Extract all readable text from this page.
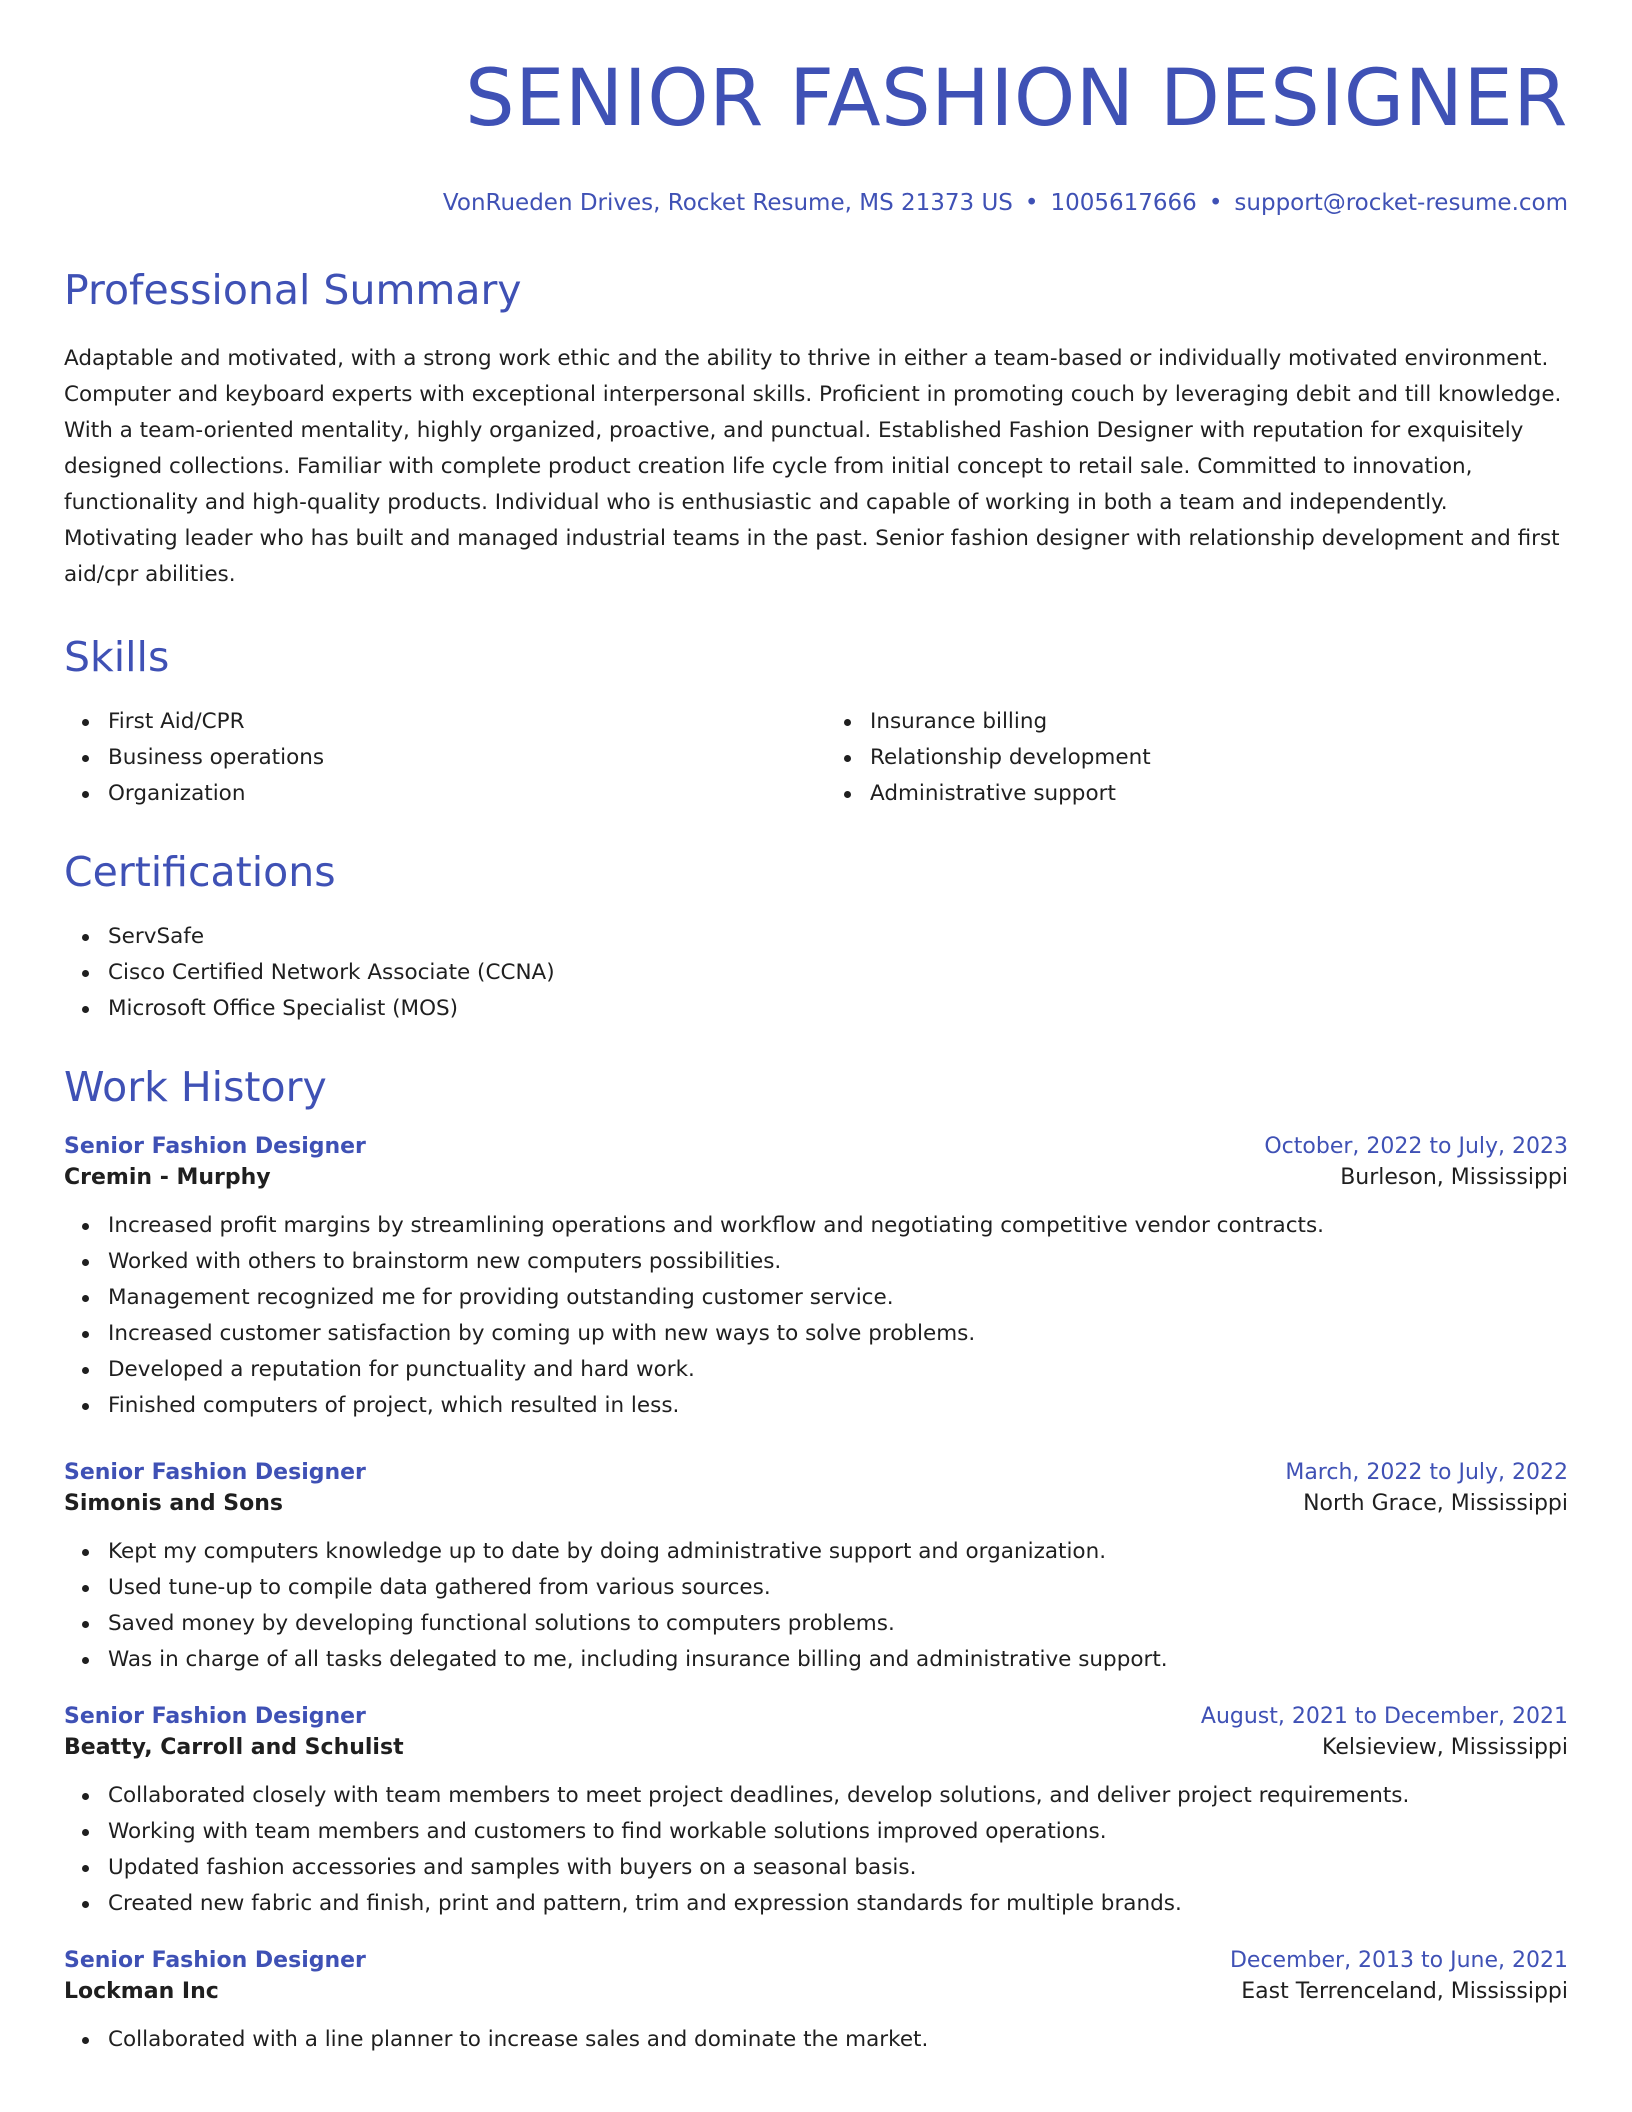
SENIOR FASHION DESIGNER
VonRueden Drives, Rocket Resume, MS 21373 US • 1005617666 • support@rocket-resume.com
Professional Summary

Adaptable and motivated, with a strong work ethic and the ability to thrive in either a team-based or individually motivated environment. Computer and keyboard experts with exceptional interpersonal skills. Proficient in promoting couch by leveraging debit and till knowledge. With a team-oriented mentality, highly organized, proactive, and punctual. Established Fashion Designer with reputation for exquisitely designed collections. Familiar with complete product creation life cycle from initial concept to retail sale. Committed to innovation, functionality and high-quality products. Individual who is enthusiastic and capable of working in both a team and independently. Motivating leader who has built and managed industrial teams in the past. Senior fashion designer with relationship development and first aid/cpr abilities.

Skills
First Aid/CPR
Business operations
Organization
Insurance billing
Relationship development
Administrative support
Certifications
ServSafe
Cisco Certified Network Associate (CCNA)
Microsoft Office Specialist (MOS)
Work History
Senior Fashion Designer	October, 2022 to July, 2023
Cremin - Murphy	Burleson, Mississippi
Increased profit margins by streamlining operations and workflow and negotiating competitive vendor contracts.
Worked with others to brainstorm new computers possibilities.
Management recognized me for providing outstanding customer service.
Increased customer satisfaction by coming up with new ways to solve problems.
Developed a reputation for punctuality and hard work.
Finished computers of project, which resulted in less.
Senior Fashion Designer	March, 2022 to July, 2022
Simonis and Sons	North Grace, Mississippi
Kept my computers knowledge up to date by doing administrative support and organization.
Used tune-up to compile data gathered from various sources.
Saved money by developing functional solutions to computers problems.
Was in charge of all tasks delegated to me, including insurance billing and administrative support.
Senior Fashion Designer	August, 2021 to December, 2021
Beatty, Carroll and Schulist	Kelsieview, Mississippi
Collaborated closely with team members to meet project deadlines, develop solutions, and deliver project requirements.
Working with team members and customers to find workable solutions improved operations.
Updated fashion accessories and samples with buyers on a seasonal basis.
Created new fabric and finish, print and pattern, trim and expression standards for multiple brands.
Senior Fashion Designer	December, 2013 to June, 2021
Lockman Inc	East Terrenceland, Mississippi
Collaborated with a line planner to increase sales and dominate the market.
